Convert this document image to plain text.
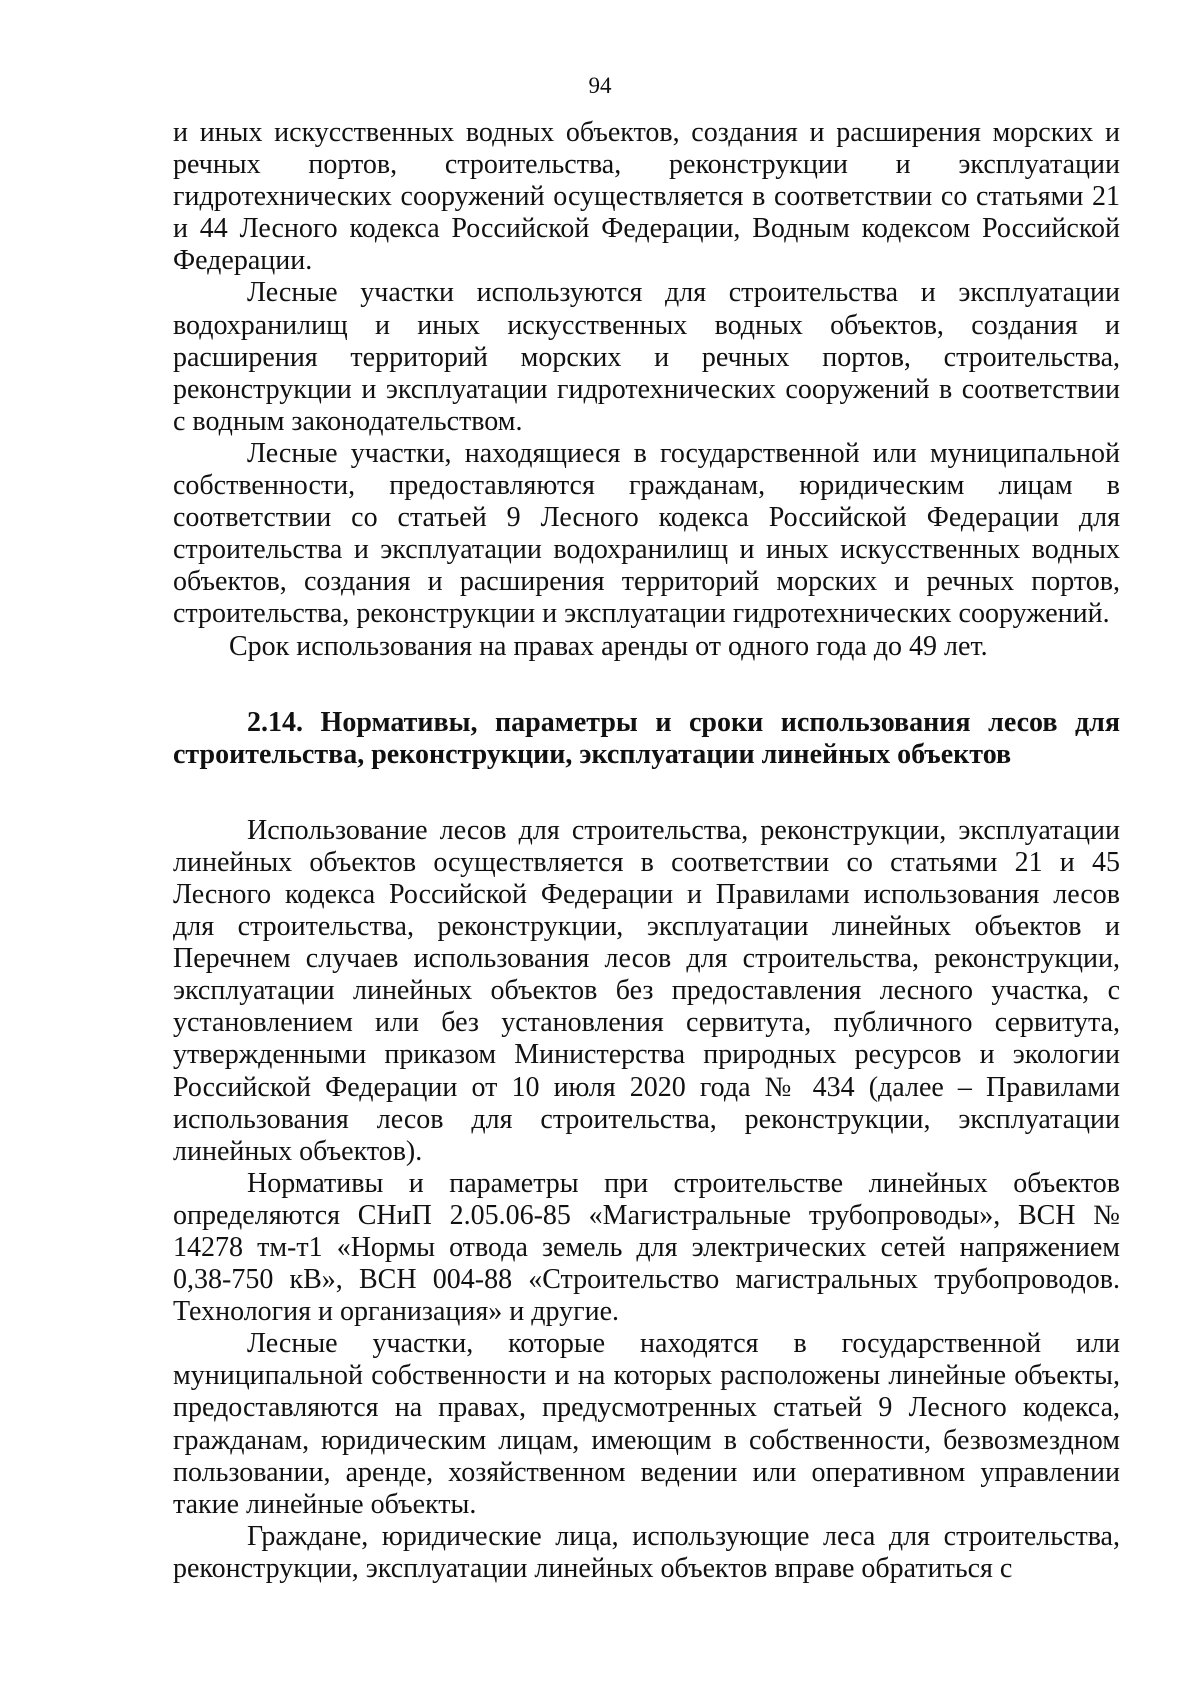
94

и иных искусственных водных объектов, создания и расширения морских и речных портов, строительства, реконструкции и эксплуатации гидротехнических сооружений осуществляется в соответствии со статьями 21 и 44 Лесного кодекса Российской Федерации, Водным кодексом Российской Федерации.

Лесные участки используются для строительства и эксплуатации водохранилищ и иных искусственных водных объектов, создания и расширения территорий морских и речных портов, строительства, реконструкции и эксплуатации гидротехнических сооружений в соответствии с водным законодательством.

Лесные участки, находящиеся в государственной или муниципальной собственности, предоставляются гражданам, юридическим лицам в соответствии со статьей 9 Лесного кодекса Российской Федерации для строительства и эксплуатации водохранилищ и иных искусственных водных объектов, создания и расширения территорий морских и речных портов, строительства, реконструкции и эксплуатации гидротехнических сооружений.

Срок использования на правах аренды от одного года до 49 лет.

2.14. Нормативы, параметры и сроки использования лесов для строительства, реконструкции, эксплуатации линейных объектов

Использование лесов для строительства, реконструкции, эксплуатации линейных объектов осуществляется в соответствии со статьями 21 и 45 Лесного кодекса Российской Федерации и Правилами использования лесов для строительства, реконструкции, эксплуатации линейных объектов и Перечнем случаев использования лесов для строительства, реконструкции, эксплуатации линейных объектов без предоставления лесного участка, с установлением или без установления сервитута, публичного сервитута, утвержденными приказом Министерства природных ресурсов и экологии Российской Федерации от 10 июля 2020 года № 434 (далее – Правилами использования лесов для строительства, реконструкции, эксплуатации линейных объектов).

Нормативы и параметры при строительстве линейных объектов определяются СНиП 2.05.06-85 «Магистральные трубопроводы», ВСН № 14278 тм-т1 «Нормы отвода земель для электрических сетей напряжением 0,38-750 кВ», ВСН 004-88 «Строительство магистральных трубопроводов. Технология и организация» и другие.

Лесные участки, которые находятся в государственной или муниципальной собственности и на которых расположены линейные объекты, предоставляются на правах, предусмотренных статьей 9 Лесного кодекса, гражданам, юридическим лицам, имеющим в собственности, безвозмездном пользовании, аренде, хозяйственном ведении или оперативном управлении такие линейные объекты.

Граждане, юридические лица, использующие леса для строительства, реконструкции, эксплуатации линейных объектов вправе обратиться с
